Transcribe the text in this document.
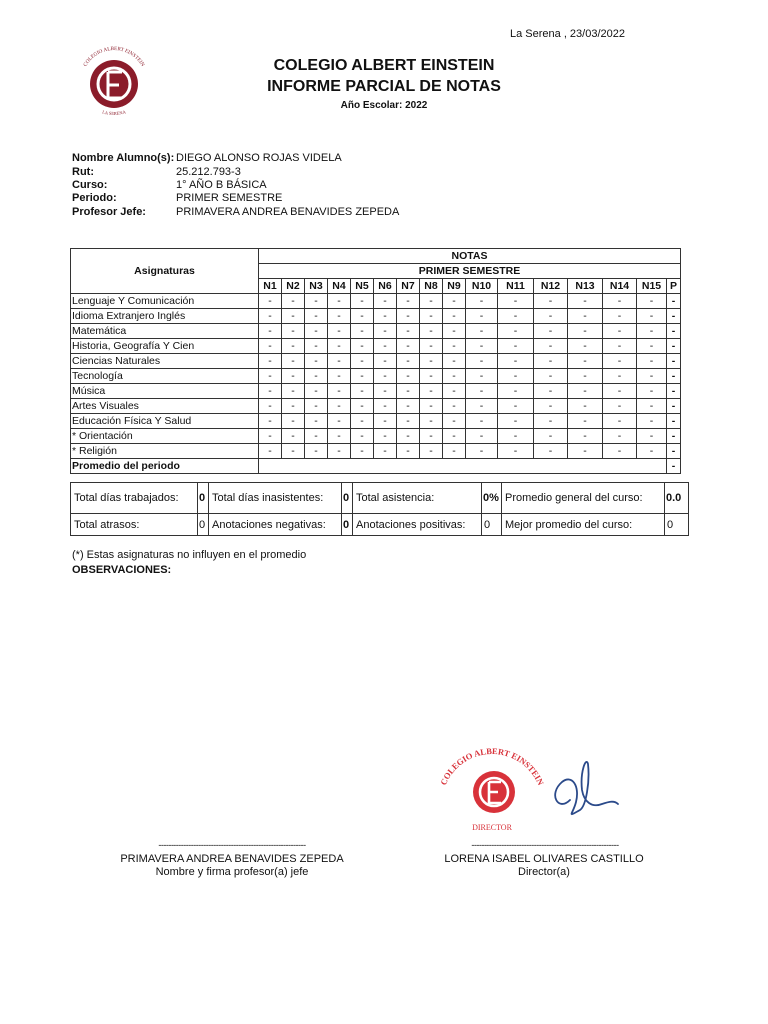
La Serena , 23/03/2022
COLEGIO ALBERT EINSTEIN
LA SERENA
COLEGIO ALBERT EINSTEIN
INFORME PARCIAL DE NOTAS
Año Escolar: 2022
Nombre Alumno(s): DIEGO ALONSO ROJAS VIDELA
Rut:	25.212.793-3
Curso:	1° AÑO B BÁSICA
Periodo:	PRIMER SEMESTRE
Profesor Jefe:	PRIMAVERA ANDREA BENAVIDES ZEPEDA
Asignaturas	NOTAS															
	PRIMER SEMESTRE															
	N1	N2	N3	N4	N5	N6	N7	N8	N9	N10	N11	N12	N13	N14	N15	P
Lenguaje Y Comunicación	-	-	-	-	-	-	-	-	-	-	-	-	-	-	-	-
Idioma Extranjero Inglés	-	-	-	-	-	-	-	-	-	-	-	-	-	-	-	-
Matemática	-	-	-	-	-	-	-	-	-	-	-	-	-	-	-	-
Historia, Geografía Y Cien	-	-	-	-	-	-	-	-	-	-	-	-	-	-	-	-
Ciencias Naturales	-	-	-	-	-	-	-	-	-	-	-	-	-	-	-	-
Tecnología	-	-	-	-	-	-	-	-	-	-	-	-	-	-	-	-
Música	-	-	-	-	-	-	-	-	-	-	-	-	-	-	-	-
Artes Visuales	-	-	-	-	-	-	-	-	-	-	-	-	-	-	-	-
Educación Física Y Salud	-	-	-	-	-	-	-	-	-	-	-	-	-	-	-	-
* Orientación	-	-	-	-	-	-	-	-	-	-	-	-	-	-	-	-
* Religión	-	-	-	-	-	-	-	-	-	-	-	-	-	-	-	-
Promedio del periodo																-
Total días trabajados:	0	Total días inasistentes:	0	Total asistencia:	0%	Promedio general del curso:	0.0
Total atrasos:	0	Anotaciones negativas:	0	Anotaciones positivas:	0	Mejor promedio del curso:	0
(*) Estas asignaturas no influyen en el promedio
OBSERVACIONES:
COLEGIO ALBERT EINSTEIN
DIRECTOR
-----------------------------------------------------------
PRIMAVERA ANDREA BENAVIDES ZEPEDA
Nombre y firma profesor(a) jefe
-----------------------------------------------------------
LORENA ISABEL OLIVARES CASTILLO
Director(a)
